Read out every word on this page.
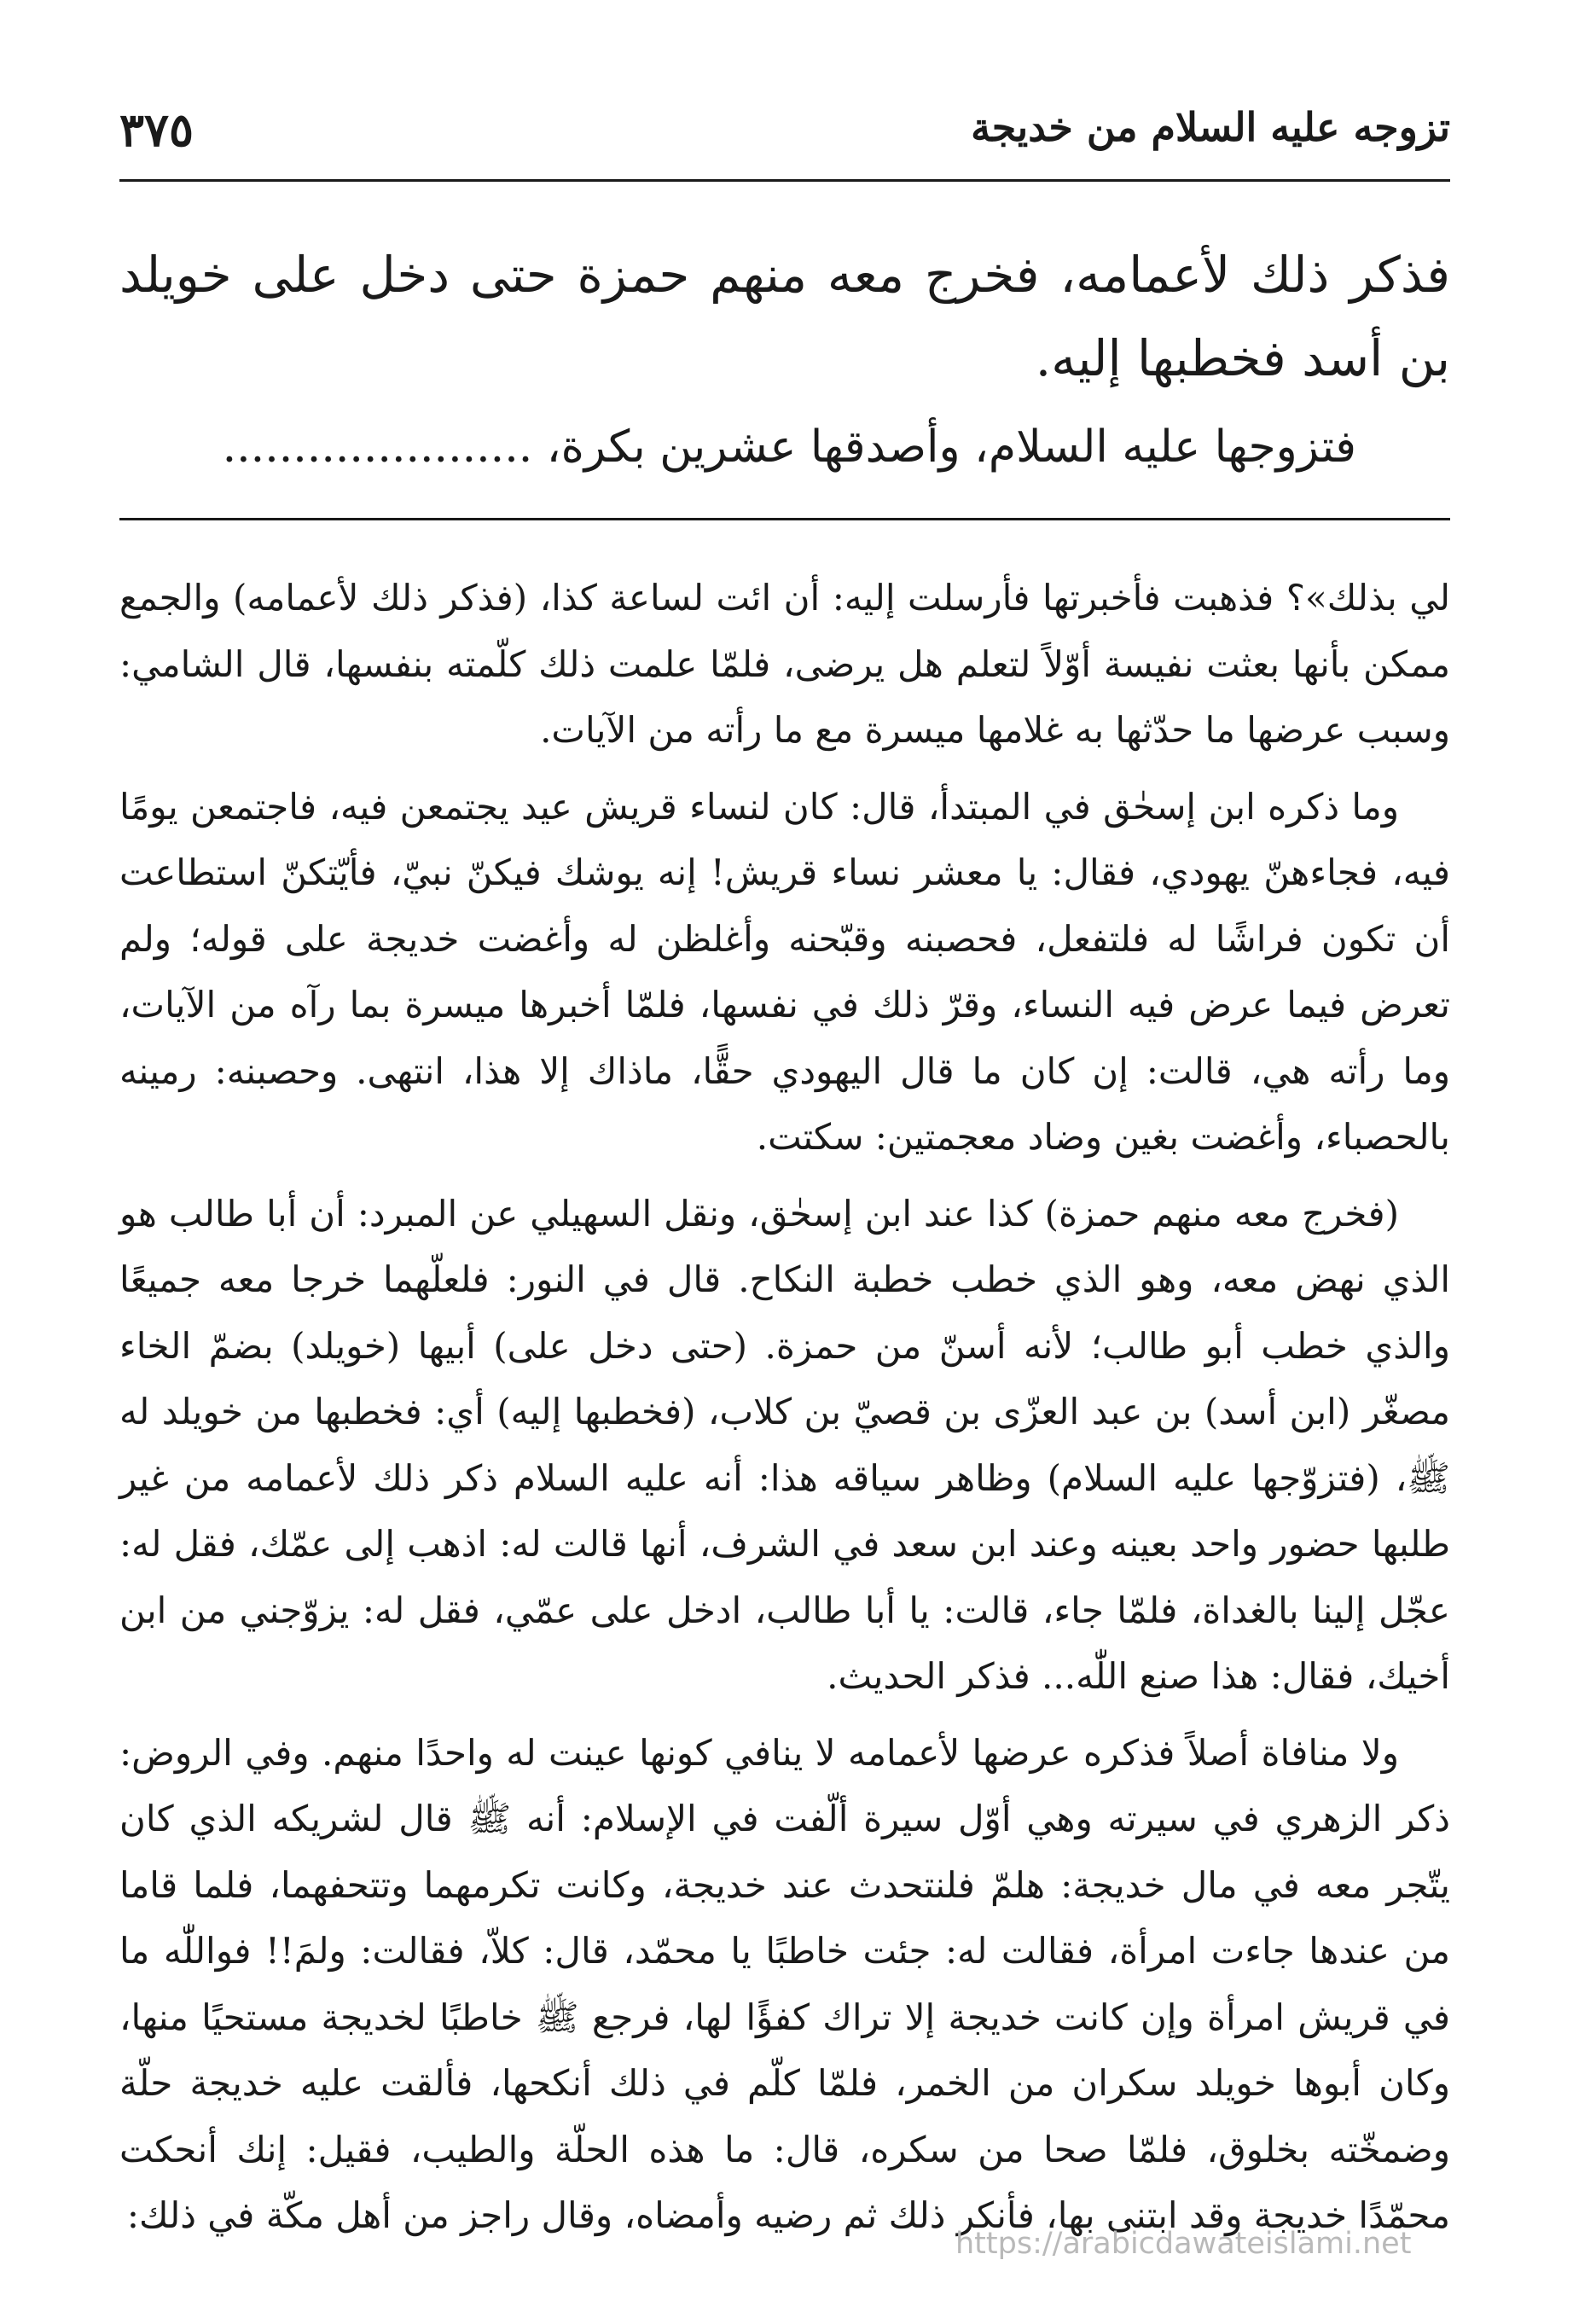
تزوجه عليه السلام من خديجة
٣٧٥

فذكر ذلك لأعمامه، فخرج معه منهم حمزة حتى دخل على خويلد بن أسد فخطبها إليه.

فتزوجها عليه السلام، وأصدقها عشرين بكرة، ......................

لي بذلك»؟ فذهبت فأخبرتها فأرسلت إليه: أن ائت لساعة كذا، (فذكر ذلك لأعمامه) والجمع ممكن بأنها بعثت نفيسة أوّلاً لتعلم هل يرضى، فلمّا علمت ذلك كلّمته بنفسها، قال الشامي: وسبب عرضها ما حدّثها به غلامها ميسرة مع ما رأته من الآيات.

وما ذكره ابن إسحٰق في المبتدأ، قال: كان لنساء قريش عيد يجتمعن فيه، فاجتمعن يومًا فيه، فجاءهنّ يهودي، فقال: يا معشر نساء قريش! إنه يوشك فيكنّ نبيّ، فأيّتكنّ استطاعت أن تكون فراشًا له فلتفعل، فحصبنه وقبّحنه وأغلظن له وأغضت خديجة على قوله؛ ولم تعرض فيما عرض فيه النساء، وقرّ ذلك في نفسها، فلمّا أخبرها ميسرة بما رآه من الآيات، وما رأته هي، قالت: إن كان ما قال اليهودي حقًّا، ماذاك إلا هذا، انتهى. وحصبنه: رمينه بالحصباء، وأغضت بغين وضاد معجمتين: سكتت.

(فخرج معه منهم حمزة) كذا عند ابن إسحٰق، ونقل السهيلي عن المبرد: أن أبا طالب هو الذي نهض معه، وهو الذي خطب خطبة النكاح. قال في النور: فلعلّهما خرجا معه جميعًا والذي خطب أبو طالب؛ لأنه أسنّ من حمزة. (حتى دخل على) أبيها (خويلد) بضمّ الخاء مصغّر (ابن أسد) بن عبد العزّى بن قصيّ بن كلاب، (فخطبها إليه) أي: فخطبها من خويلد له ﷺ، (فتزوّجها عليه السلام) وظاهر سياقه هذا: أنه عليه السلام ذكر ذلك لأعمامه من غير طلبها حضور واحد بعينه وعند ابن سعد في الشرف، أنها قالت له: اذهب إلى عمّك، فقل له: عجّل إلينا بالغداة، فلمّا جاء، قالت: يا أبا طالب، ادخل على عمّي، فقل له: يزوّجني من ابن أخيك، فقال: هذا صنع اللّٰه... فذكر الحديث.

ولا منافاة أصلاً فذكره عرضها لأعمامه لا ينافي كونها عينت له واحدًا منهم. وفي الروض: ذكر الزهري في سيرته وهي أوّل سيرة ألّفت في الإسلام: أنه ﷺ قال لشريكه الذي كان يتّجر معه في مال خديجة: هلمّ فلنتحدث عند خديجة، وكانت تكرمهما وتتحفهما، فلما قاما من عندها جاءت امرأة، فقالت له: جئت خاطبًا يا محمّد، قال: كلاّ، فقالت: ولمَ!! فواللّٰه ما في قريش امرأة وإن كانت خديجة إلا تراك كفؤًا لها، فرجع ﷺ خاطبًا لخديجة مستحيًا منها، وكان أبوها خويلد سكران من الخمر، فلمّا كلّم في ذلك أنكحها، فألقت عليه خديجة حلّة وضمخّته بخلوق، فلمّا صحا من سكره، قال: ما هذه الحلّة والطيب، فقيل: إنك أنحكت محمّدًا خديجة وقد ابتنى بها، فأنكر ذلك ثم رضيه وأمضاه، وقال راجز من أهل مكّة في ذلك:

https://arabicdawateislami.net
